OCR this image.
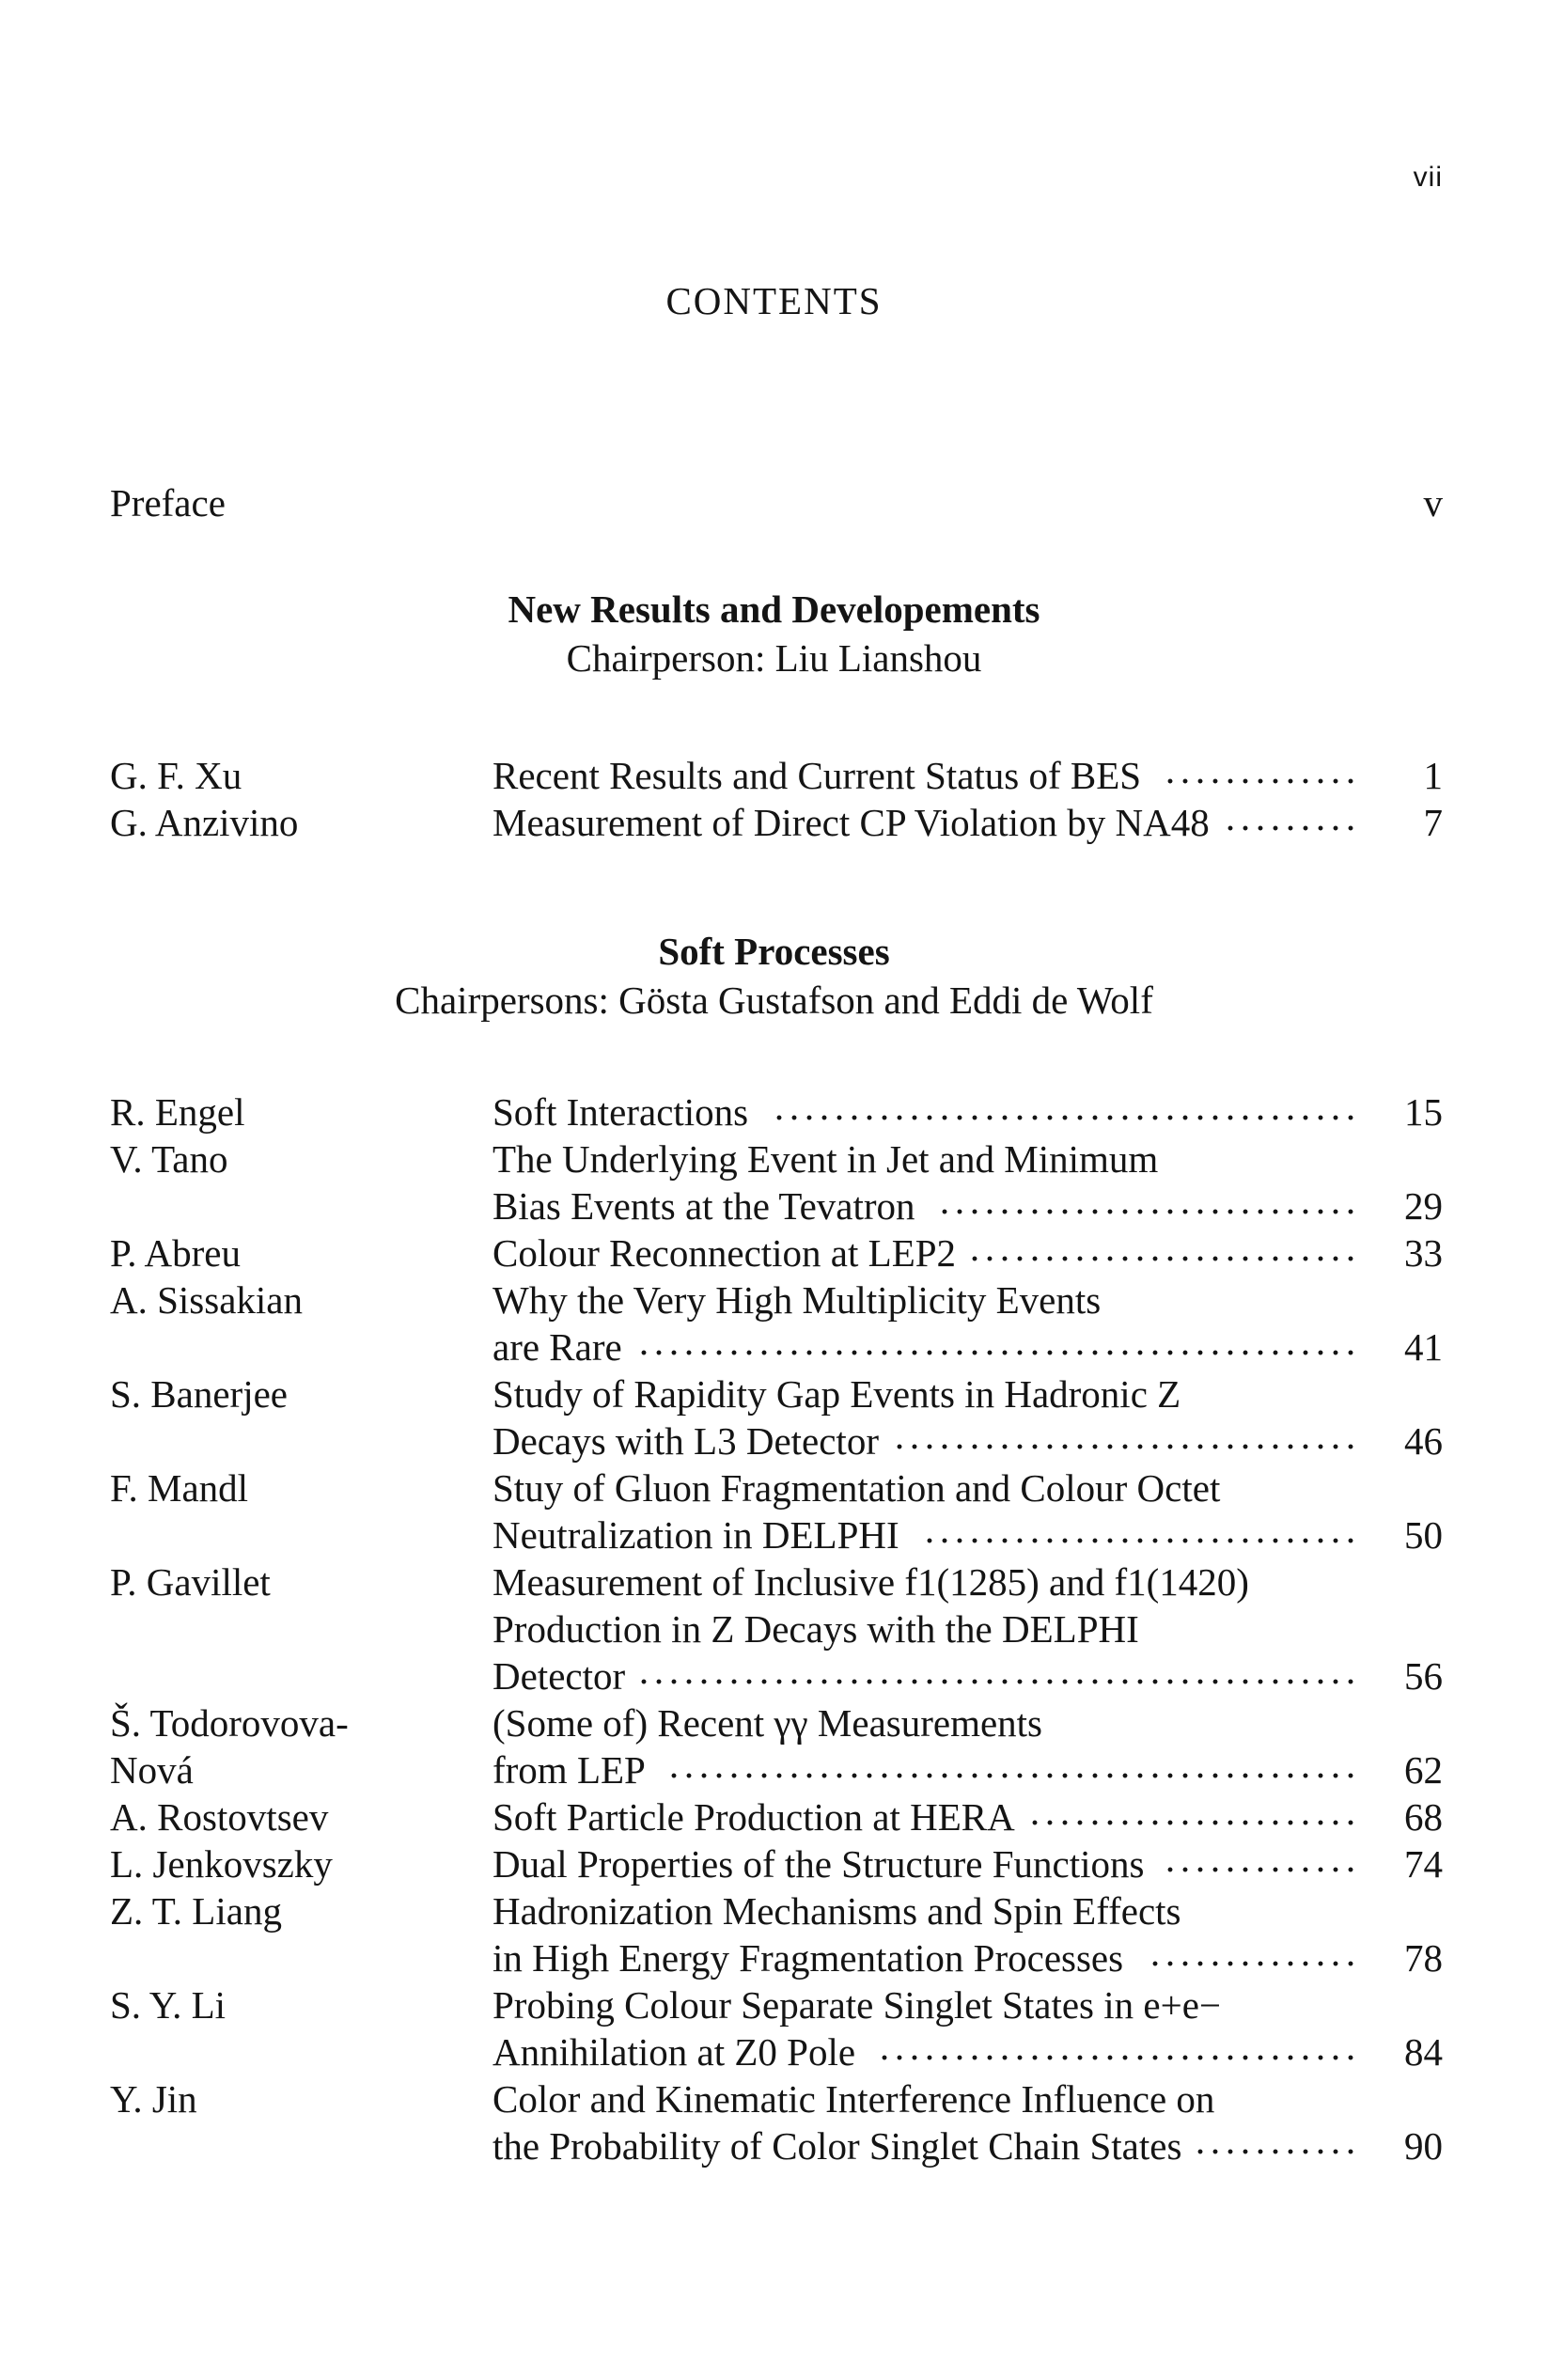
vii
CONTENTS
Preface	v
New Results and Developements
Chairperson: Liu Lianshou
G. F. Xu	Recent Results and Current Status of BES	1
G. Anzivino	Measurement of Direct CP Violation by NA48	7
Soft Processes
Chairpersons: Gösta Gustafson and Eddi de Wolf
R. Engel	Soft Interactions	15
V. Tano	The Underlying Event in Jet and Minimum
Bias Events at the Tevatron	29
P. Abreu	Colour Reconnection at LEP2	33
A. Sissakian	Why the Very High Multiplicity Events
are Rare	41
S. Banerjee	Study of Rapidity Gap Events in Hadronic Z
Decays with L3 Detector	46
F. Mandl	Stuy of Gluon Fragmentation and Colour Octet
Neutralization in DELPHI	50
P. Gavillet	Measurement of Inclusive f1(1285) and f1(1420)
Production in Z Decays with the DELPHI
Detector	56
Š. Todorovova-	(Some of) Recent γγ Measurements
Nová	from LEP	62
A. Rostovtsev	Soft Particle Production at HERA	68
L. Jenkovszky	Dual Properties of the Structure Functions	74
Z. T. Liang	Hadronization Mechanisms and Spin Effects
in High Energy Fragmentation Processes	78
S. Y. Li	Probing Colour Separate Singlet States in e+e−
Annihilation at Z0 Pole	84
Y. Jin	Color and Kinematic Interference Influence on
the Probability of Color Singlet Chain States	90
